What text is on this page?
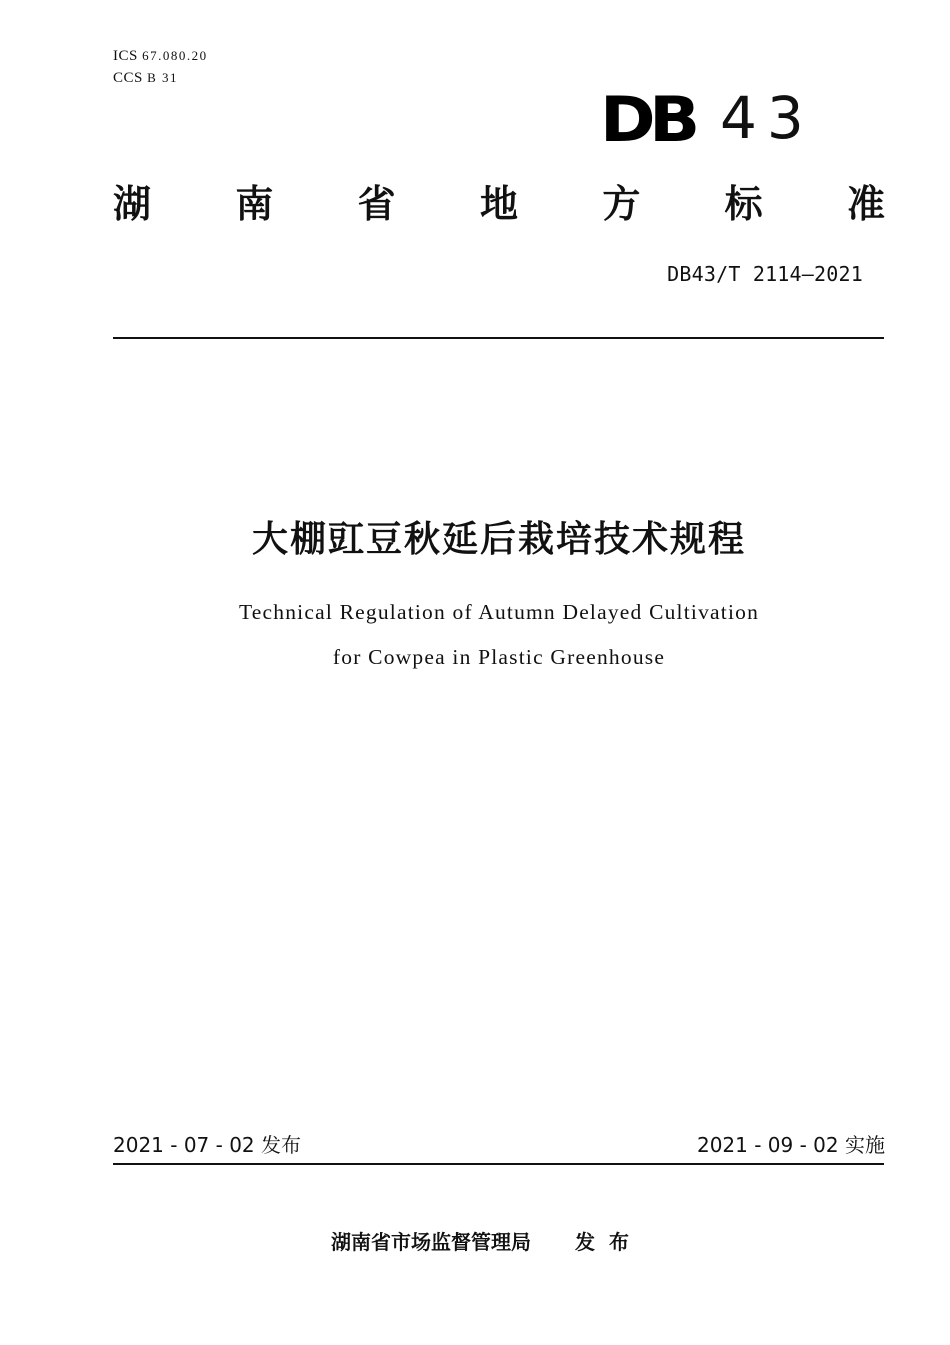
ICS 67.080.20
CCS B 31
DB 43
湖 南 省 地 方 标 准
DB43/T 2114—2021
大棚豇豆秋延后栽培技术规程
Technical Regulation of Autumn Delayed Cultivation
for Cowpea in Plastic Greenhouse
2021 - 07 - 02 发布	2021 - 09 - 02 实施
湖南省市场监督管理局 发布
